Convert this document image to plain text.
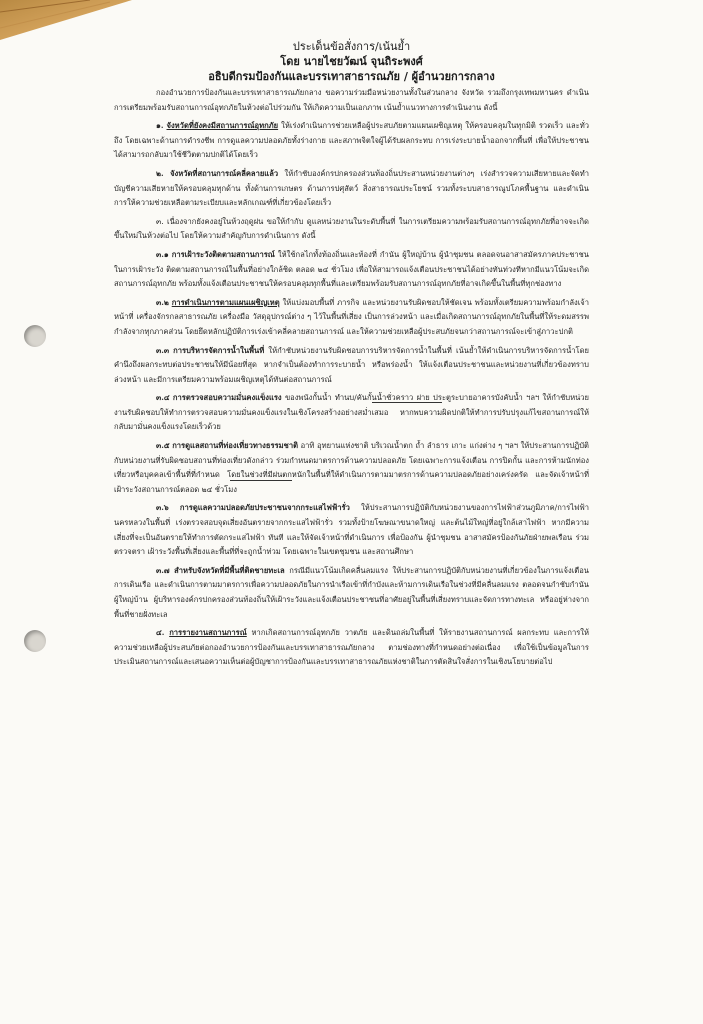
ประเด็นข้อสั่งการ/เน้นย้ำ
โดย นายไชยวัฒน์ จุนถิระพงศ์
อธิบดีกรมป้องกันและบรรเทาสาธารณภัย / ผู้อำนวยการกลาง

กองอำนวยการป้องกันและบรรเทาสาธารณภัยกลาง ขอความร่วมมือหน่วยงานทั้งในส่วนกลาง จังหวัด รวมถึงกรุงเทพมหานคร ดำเนินการเตรียมพร้อมรับสถานการณ์อุทกภัยในห้วงต่อไปร่วมกัน ให้เกิดความเป็นเอกภาพ เน้นย้ำแนวทางการดำเนินงาน ดังนี้

๑. จังหวัดที่ยังคงมีสถานการณ์อุทกภัย ให้เร่งดำเนินการช่วยเหลือผู้ประสบภัยตามแผนเผชิญเหตุ ให้ครอบคลุมในทุกมิติ รวดเร็ว และทั่วถึง โดยเฉพาะด้านการดำรงชีพ การดูแลความปลอดภัยทั้งร่างกาย และสภาพจิตใจผู้ได้รับผลกระทบ การเร่งระบายน้ำออกจากพื้นที่ เพื่อให้ประชาชนได้สามารถกลับมาใช้ชีวิตตามปกติได้โดยเร็ว

๒. จังหวัดที่สถานการณ์คลี่คลายแล้ว ให้กำชับองค์กรปกครองส่วนท้องถิ่นประสานหน่วยงานต่างๆ เร่งสำรวจความเสียหายและจัดทำบัญชีความเสียหายให้ครอบคลุมทุกด้าน ทั้งด้านการเกษตร ด้านการปศุสัตว์ สิ่งสาธารณประโยชน์ รวมทั้งระบบสาธารณูปโภคพื้นฐาน และดำเนินการให้ความช่วยเหลือตามระเบียบและหลักเกณฑ์ที่เกี่ยวข้องโดยเร็ว

๓. เนื่องจากยังคงอยู่ในห้วงฤดูฝน ขอให้กำกับ ดูแลหน่วยงานในระดับพื้นที่ ในการเตรียมความพร้อมรับสถานการณ์อุทกภัยที่อาจจะเกิดขึ้นใหม่ในห้วงต่อไป โดยให้ความสำคัญกับการดำเนินการ ดังนี้

๓.๑ การเฝ้าระวังติดตามสถานการณ์ ให้ใช้กลไกทั้งท้องถิ่นและท้องที่ กำนัน ผู้ใหญ่บ้าน ผู้นำชุมชน ตลอดจนอาสาสมัครภาคประชาชน ในการเฝ้าระวัง ติดตามสถานการณ์ในพื้นที่อย่างใกล้ชิด ตลอด ๒๔ ชั่วโมง เพื่อให้สามารถแจ้งเตือนประชาชนได้อย่างทันท่วงทีหากมีแนวโน้มจะเกิดสถานการณ์อุทกภัย พร้อมทั้งแจ้งเตือนประชาชนให้ครอบคลุมทุกพื้นที่และเตรียมพร้อมรับสถานการณ์อุทกภัยที่อาจเกิดขึ้นในพื้นที่ทุกช่องทาง

๓.๒ การดำเนินการตามแผนเผชิญเหตุ ให้แบ่งมอบพื้นที่ ภารกิจ และหน่วยงานรับผิดชอบให้ชัดเจน พร้อมทั้งเตรียมความพร้อมกำลังเจ้าหน้าที่ เครื่องจักรกลสาธารณภัย เครื่องมือ วัสดุอุปกรณ์ต่าง ๆ ไว้ในพื้นที่เสี่ยง เป็นการล่วงหน้า และเมื่อเกิดสถานการณ์อุทกภัยในพื้นที่ให้ระดมสรรพกำลังจากทุกภาคส่วน โดยยึดหลักปฏิบัติการเร่งเข้าคลี่คลายสถานการณ์ และให้ความช่วยเหลือผู้ประสบภัยจนกว่าสถานการณ์จะเข้าสู่ภาวะปกติ

๓.๓ การบริหารจัดการน้ำในพื้นที่ ให้กำชับหน่วยงานรับผิดชอบการบริหารจัดการน้ำในพื้นที่ เน้นย้ำให้ดำเนินการบริหารจัดการน้ำโดยคำนึงถึงผลกระทบต่อประชาชนให้มีน้อยที่สุด หากจำเป็นต้องทำการระบายน้ำ หรือพร่องน้ำ ให้แจ้งเตือนประชาชนและหน่วยงานที่เกี่ยวข้องทราบล่วงหน้า และมีการเตรียมความพร้อมเผชิญเหตุได้ทันต่อสถานการณ์

๓.๔ การตรวจสอบความมั่นคงแข็งแรง ของพนังกั้นน้ำ ทำนบ/คันกั้นน้ำชั่วคราว ฝาย ประตูระบายอาคารบังคับน้ำ ฯลฯ ให้กำชับหน่วยงานรับผิดชอบให้ทำการตรวจสอบความมั่นคงแข็งแรงในเชิงโครงสร้างอย่างสม่ำเสมอ หากพบความผิดปกติให้ทำการปรับปรุงแก้ไขสถานการณ์ให้กลับมามั่นคงแข็งแรงโดยเร็วด้วย

๓.๕ การดูแลสถานที่ท่องเที่ยวทางธรรมชาติ อาทิ อุทยานแห่งชาติ บริเวณน้ำตก ถ้ำ ลำธาร เกาะ แก่งต่าง ๆ ฯลฯ ให้ประสานการปฏิบัติกับหน่วยงานที่รับผิดชอบสถานที่ท่องเที่ยวดังกล่าว ร่วมกำหนดมาตรการด้านความปลอดภัย โดยเฉพาะการแจ้งเตือน การปิดกั้น และการห้ามนักท่องเที่ยวหรือบุคคลเข้าพื้นที่ที่กำหนด โดยในช่วงที่มีฝนตกหนักในพื้นที่ให้ดำเนินการตามมาตรการด้านความปลอดภัยอย่างเคร่งครัด และจัดเจ้าหน้าที่เฝ้าระวังสถานการณ์ตลอด ๒๔ ชั่วโมง

๓.๖ การดูแลความปลอดภัยประชาชนจากกระแสไฟฟ้ารั่ว ให้ประสานการปฏิบัติกับหน่วยงานของการไฟฟ้าส่วนภูมิภาค/การไฟฟ้านครหลวงในพื้นที่ เร่งตรวจสอบจุดเสี่ยงอันตรายจากกระแสไฟฟ้ารั่ว รวมทั้งป้ายโฆษณาขนาดใหญ่ และต้นไม้ใหญ่ที่อยู่ใกล้เสาไฟฟ้า หากมีความเสี่ยงที่จะเป็นอันตรายให้ทำการตัดกระแสไฟฟ้า ทันที และให้จัดเจ้าหน้าที่ดำเนินการ เพื่อป้องกัน ผู้นำชุมชน อาสาสมัครป้องกันภัยฝ่ายพลเรือน ร่วมตรวจตรา เฝ้าระวังพื้นที่เสี่ยงและพื้นที่ที่จะถูกน้ำท่วม โดยเฉพาะในเขตชุมชน และสถานศึกษา

๓.๗ สำหรับจังหวัดที่มีพื้นที่ติดชายทะเล กรณีมีแนวโน้มเกิดคลื่นลมแรง ให้ประสานการปฏิบัติกับหน่วยงานที่เกี่ยวข้องในการแจ้งเตือนการเดินเรือ และดำเนินการตามมาตรการเพื่อความปลอดภัยในการนำเรือเข้าที่กำบังและห้ามการเดินเรือในช่วงที่มีคลื่นลมแรง ตลอดจนกำชับกำนัน ผู้ใหญ่บ้าน ผู้บริหารองค์กรปกครองส่วนท้องถิ่นให้เฝ้าระวังและแจ้งเตือนประชาชนที่อาศัยอยู่ในพื้นที่เสี่ยงทราบและจัดการทางทะเล หรืออยู่ห่างจากพื้นที่ชายฝั่งทะเล

๔. การรายงานสถานการณ์ หากเกิดสถานการณ์อุทกภัย วาตภัย และดินถล่มในพื้นที่ ให้รายงานสถานการณ์ ผลกระทบ และการให้ความช่วยเหลือผู้ประสบภัยต่อกองอำนวยการป้องกันและบรรเทาสาธารณภัยกลาง ตามช่องทางที่กำหนดอย่างต่อเนื่อง เพื่อใช้เป็นข้อมูลในการประเมินสถานการณ์และเสนอความเห็นต่อผู้บัญชาการป้องกันและบรรเทาสาธารณภัยแห่งชาติในการตัดสินใจสั่งการในเชิงนโยบายต่อไป
